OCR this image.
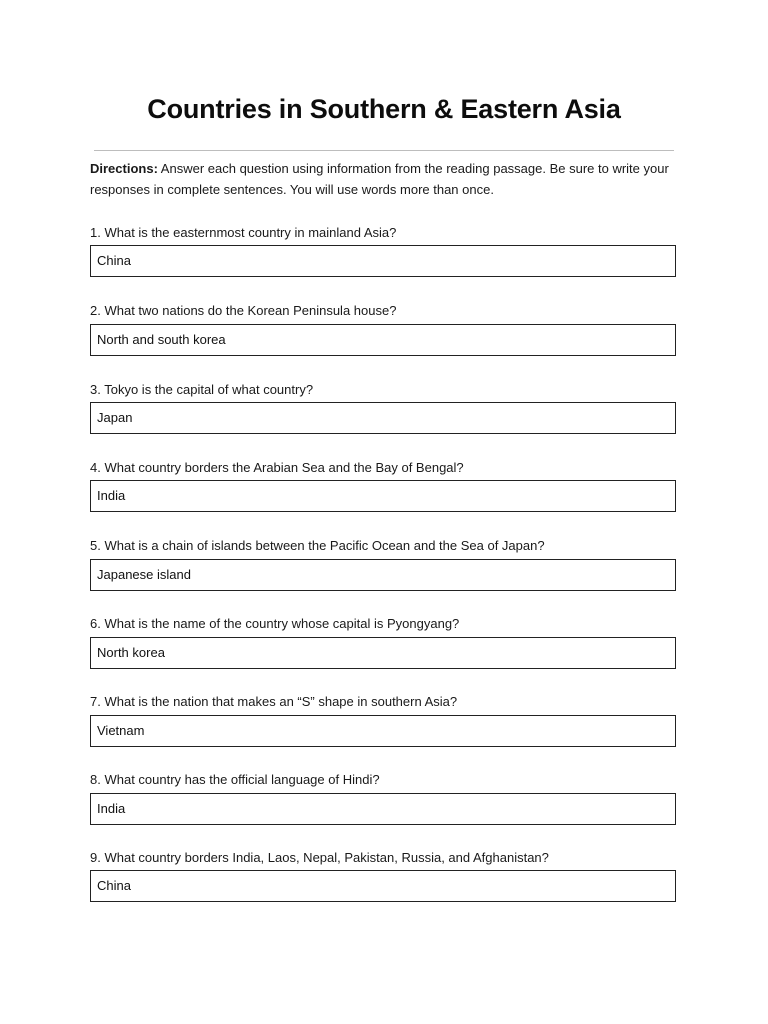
Countries in Southern & Eastern Asia
Directions: Answer each question using information from the reading passage. Be sure to write your responses in complete sentences. You will use words more than once.
1. What is the easternmost country in mainland Asia?
China
2. What two nations do the Korean Peninsula house?
North and south korea
3. Tokyo is the capital of what country?
Japan
4. What country borders the Arabian Sea and the Bay of Bengal?
India
5. What is a chain of islands between the Pacific Ocean and the Sea of Japan?
Japanese island
6. What is the name of the country whose capital is Pyongyang?
North korea
7. What is the nation that makes an “S” shape in southern Asia?
Vietnam
8. What country has the official language of Hindi?
India
9. What country borders India, Laos, Nepal, Pakistan, Russia, and Afghanistan?
China
